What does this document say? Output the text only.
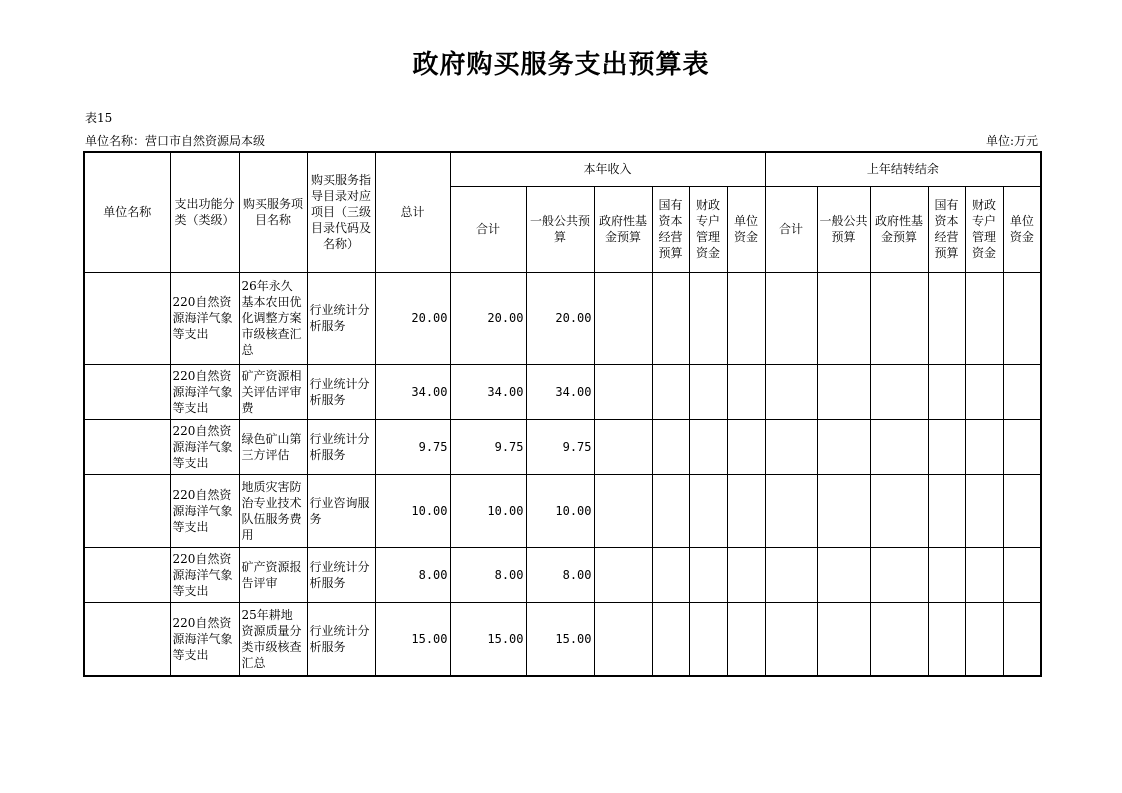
政府购买服务支出预算表
表15
单位名称：营口市自然资源局本级	单位:万元
单位名称	支出功能分类（类级）	购买服务项目名称	购买服务指导目录对应项目（三级目录代码及名称）	总计	本年收入						上年结转结余					
					合计	一般公共预算	政府性基金预算	国有资本经营预算	财政专户管理资金	单位资金	合计	一般公共预算	政府性基金预算	国有资本经营预算	财政专户管理资金	单位资金
	220自然资源海洋气象等支出	26年永久基本农田优化调整方案市级核查汇总	行业统计分析服务	20.00	20.00	20.00										
	220自然资源海洋气象等支出	矿产资源相关评估评审费	行业统计分析服务	34.00	34.00	34.00										
	220自然资源海洋气象等支出	绿色矿山第三方评估	行业统计分析服务	9.75	9.75	9.75										
	220自然资源海洋气象等支出	地质灾害防治专业技术队伍服务费用	行业咨询服务	10.00	10.00	10.00										
	220自然资源海洋气象等支出	矿产资源报告评审	行业统计分析服务	8.00	8.00	8.00										
	220自然资源海洋气象等支出	25年耕地资源质量分类市级核查汇总	行业统计分析服务	15.00	15.00	15.00										
